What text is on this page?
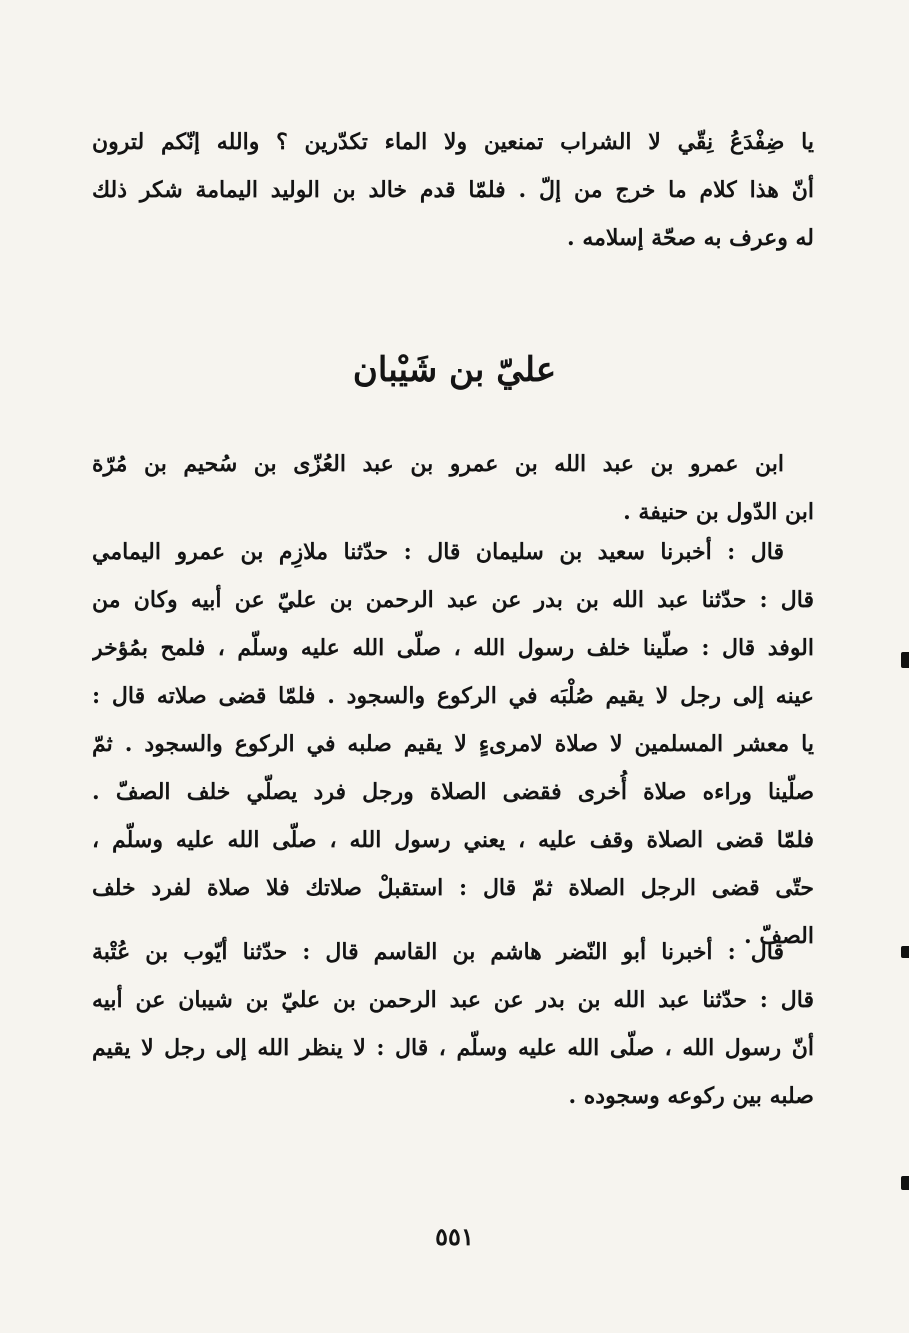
يا ضِفْدَعُ نِقّي لا الشراب تمنعين ولا الماء تكدّرين ؟ والله إنّكم لترون
أنّ هذا كلام ما خرج من إلّ . فلمّا قدم خالد بن الوليد اليمامة شكر ذلك
له وعرف به صحّة إسلامه .
عليّ بن شَيْبان
ابن عمرو بن عبد الله بن عمرو بن عبد العُزّى بن سُحيم بن مُرّة
ابن الدّول بن حنيفة .
قال : أخبرنا سعيد بن سليمان قال : حدّثنا ملازِم بن عمرو اليمامي
قال : حدّثنا عبد الله بن بدر عن عبد الرحمن بن عليّ عن أبيه وكان من
الوفد قال : صلّينا خلف رسول الله ، صلّى الله عليه وسلّم ، فلمح بمُؤخر
عينه إلى رجل لا يقيم صُلْبَه في الركوع والسجود . فلمّا قضى صلاته قال :
يا معشر المسلمين لا صلاة لامرىءٍ لا يقيم صلبه في الركوع والسجود . ثمّ
صلّينا وراءه صلاة أُخرى فقضى الصلاة ورجل فرد يصلّي خلف الصفّ .
فلمّا قضى الصلاة وقف عليه ، يعني رسول الله ، صلّى الله عليه وسلّم ،
حتّى قضى الرجل الصلاة ثمّ قال : استقبلْ صلاتك فلا صلاة لفرد خلف
الصفّ .
قال : أخبرنا أبو النّضر هاشم بن القاسم قال : حدّثنا أيّوب بن عُتْبة
قال : حدّثنا عبد الله بن بدر عن عبد الرحمن بن عليّ بن شيبان عن أبيه
أنّ رسول الله ، صلّى الله عليه وسلّم ، قال : لا ينظر الله إلى رجل لا يقيم
صلبه بين ركوعه وسجوده .
٥٥١
